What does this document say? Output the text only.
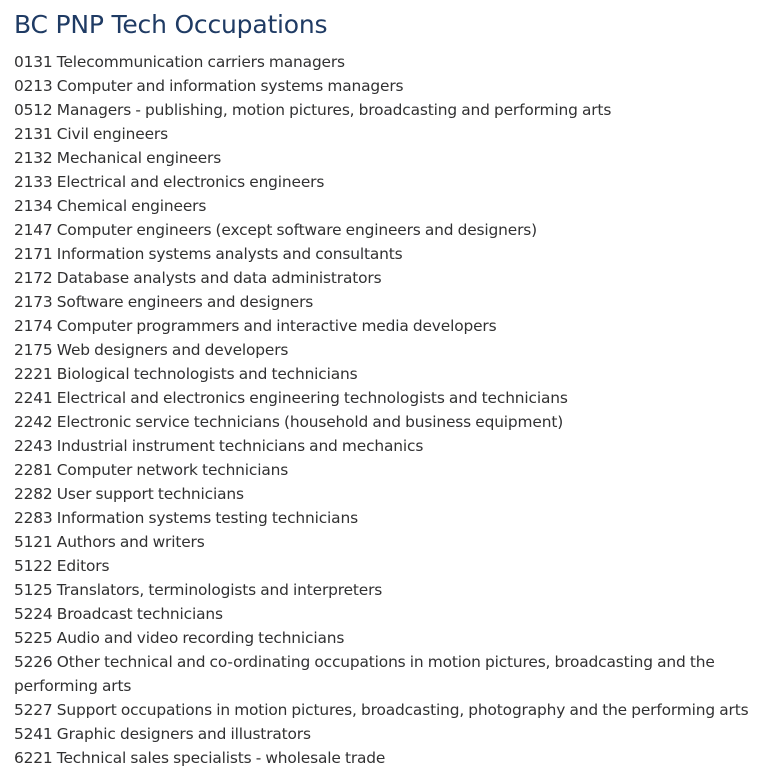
BC PNP Tech Occupations
0131 Telecommunication carriers managers
0213 Computer and information systems managers
0512 Managers - publishing, motion pictures, broadcasting and performing arts
2131 Civil engineers
2132 Mechanical engineers
2133 Electrical and electronics engineers
2134 Chemical engineers
2147 Computer engineers (except software engineers and designers)
2171 Information systems analysts and consultants
2172 Database analysts and data administrators
2173 Software engineers and designers
2174 Computer programmers and interactive media developers
2175 Web designers and developers
2221 Biological technologists and technicians
2241 Electrical and electronics engineering technologists and technicians
2242 Electronic service technicians (household and business equipment)
2243 Industrial instrument technicians and mechanics
2281 Computer network technicians
2282 User support technicians
2283 Information systems testing technicians
5121 Authors and writers
5122 Editors
5125 Translators, terminologists and interpreters
5224 Broadcast technicians
5225 Audio and video recording technicians
5226 Other technical and co-ordinating occupations in motion pictures, broadcasting and the performing arts
5227 Support occupations in motion pictures, broadcasting, photography and the performing arts
5241 Graphic designers and illustrators
6221 Technical sales specialists - wholesale trade
